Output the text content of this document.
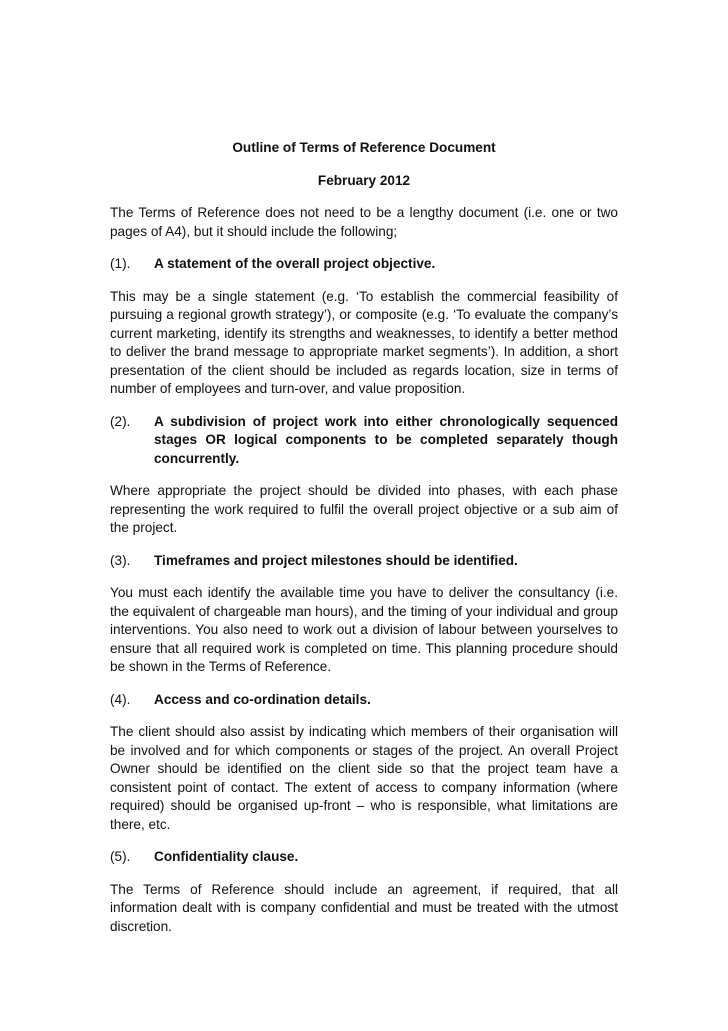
Outline of Terms of Reference Document

February 2012

The Terms of Reference does not need to be a lengthy document (i.e. one or two pages of A4), but it should include the following;

(1).	A statement of the overall project objective.

This may be a single statement (e.g. ‘To establish the commercial feasibility of pursuing a regional growth strategy’), or composite (e.g. ‘To evaluate the company’s current marketing, identify its strengths and weaknesses, to identify a better method to deliver the brand message to appropriate market segments’). In addition, a short presentation of the client should be included as regards location, size in terms of number of employees and turn-over, and value proposition.

(2).	A subdivision of project work into either chronologically sequenced stages OR logical components to be completed separately though concurrently.

Where appropriate the project should be divided into phases, with each phase representing the work required to fulfil the overall project objective or a sub aim of the project.

(3).	Timeframes and project milestones should be identified.

You must each identify the available time you have to deliver the consultancy (i.e. the equivalent of chargeable man hours), and the timing of your individual and group interventions. You also need to work out a division of labour between yourselves to ensure that all required work is completed on time. This planning procedure should be shown in the Terms of Reference.

(4).	Access and co-ordination details.

The client should also assist by indicating which members of their organisation will be involved and for which components or stages of the project. An overall Project Owner should be identified on the client side so that the project team have a consistent point of contact. The extent of access to company information (where required) should be organised up-front – who is responsible, what limitations are there, etc.

(5).	Confidentiality clause.

The Terms of Reference should include an agreement, if required, that all information dealt with is company confidential and must be treated with the utmost discretion.
